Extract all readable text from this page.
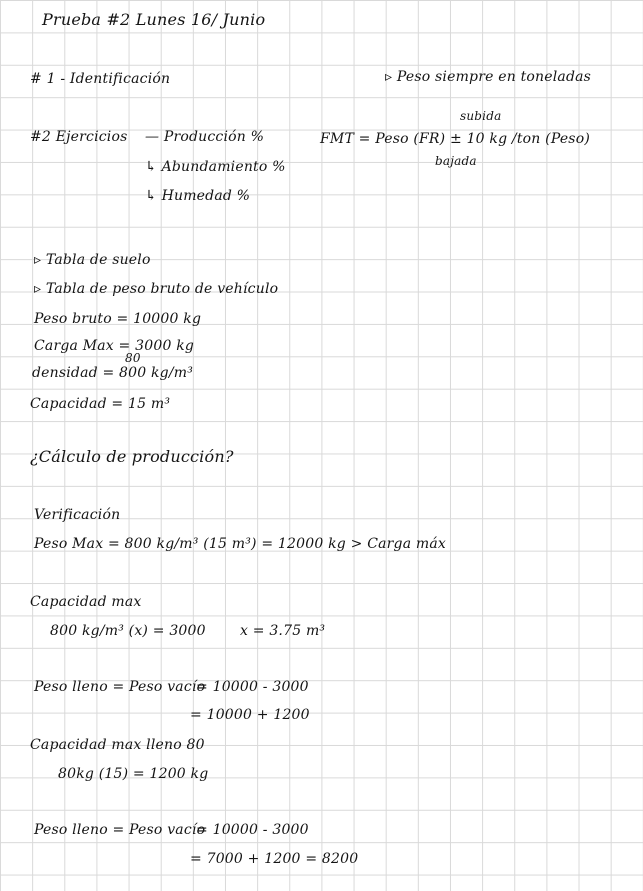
Prueba #2 Lunes 16/ Junio
# 1 - Identificación	▹ Peso siempre en toneladas
#2 Ejercicios — Producción %
↳ Abundamiento %
↳ Humedad %
subida
FMT = Peso (FR) ± 10 kg /ton (Peso)
bajada
▹ Tabla de suelo
▹ Tabla de peso bruto de vehículo
Peso bruto = 10000 kg
Carga Max = 3000 kg
80
densidad = 800 kg/m³
Capacidad = 15 m³
¿Cálculo de producción?
Verificación
Peso Max = 800 kg/m³ (15 m³) = 12000 kg > Carga máx
Capacidad max
800 kg/m³ (x) = 3000 x = 3.75 m³
Peso lleno = Peso vacío
= 10000 - 3000
= 10000 + 1200
Capacidad max lleno 80
80kg (15) = 1200 kg
Peso lleno = Peso vacío
= 10000 - 3000
= 7000 + 1200 = 8200
